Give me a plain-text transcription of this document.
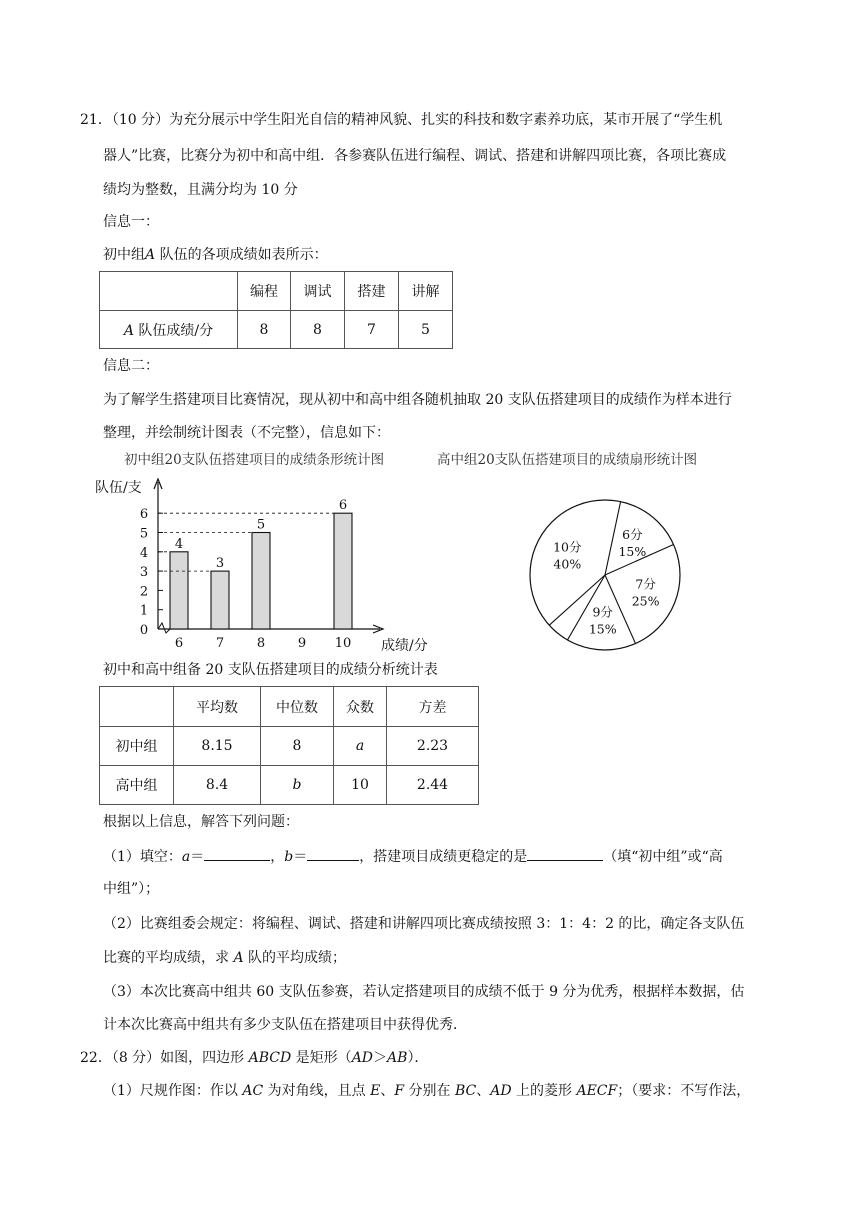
21．（10 分）为充分展示中学生阳光自信的精神风貌、扎实的科技和数字素养功底，某市开展了“学生机
器人”比赛，比赛分为初中和高中组．各参赛队伍进行编程、调试、搭建和讲解四项比赛，各项比赛成
绩均为整数，且满分均为 10 分
信息一：
初中组A 队伍的各项成绩如表所示：
	编程	调试	搭建	讲解
A 队伍成绩/分	8	8	7	5
信息二：
为了解学生搭建项目比赛情况，现从初中和高中组各随机抽取 20 支队伍搭建项目的成绩作为样本进行
整理，并绘制统计图表（不完整），信息如下：
初中组20支队伍搭建项目的成绩条形统计图	高中组20支队伍搭建项目的成绩扇形统计图
队伍/支
成绩/分
0
1
2
3
4
5
6
6
4
7
3
8
5
9 10
6
6分
15%
7分
25%
9分
15%
10分
40%
初中和高中组备 20 支队伍搭建项目的成绩分析统计表
	平均数	中位数	众数	方差
初中组	8.15	8	a	2.23
高中组	8.4	b	10	2.44
根据以上信息，解答下列问题：
（1）填空：a＝	，b＝	，搭建项目成绩更稳定的是	（填“初中组”或“高
中组”）；
（2）比赛组委会规定：将编程、调试、搭建和讲解四项比赛成绩按照 3：1：4：2 的比，确定各支队伍
比赛的平均成绩，求 A 队的平均成绩；
（3）本次比赛高中组共 60 支队伍参赛，若认定搭建项目的成绩不低于 9 分为优秀，根据样本数据，估
计本次比赛高中组共有多少支队伍在搭建项目中获得优秀．
22．（8 分）如图，四边形 ABCD 是矩形（AD＞AB）．
（1）尺规作图：作以 AC 为对角线，且点 E、F 分别在 BC、AD 上的菱形 AECF；（要求：不写作法，
